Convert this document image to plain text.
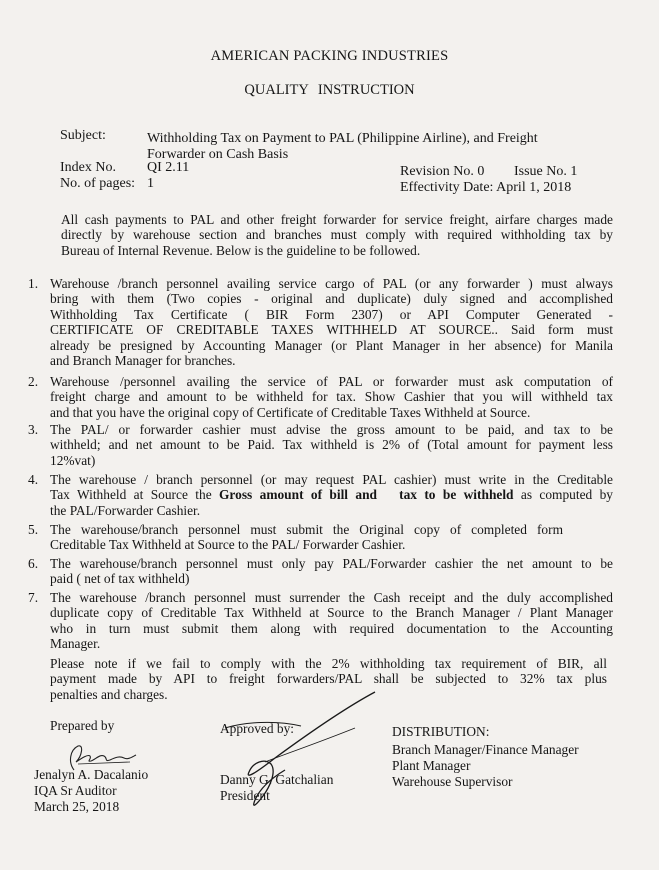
AMERICAN PACKING INDUSTRIES
QUALITY INSTRUCTION
Subject:	Withholding Tax on Payment to PAL (Philippine Airline), and Freight
Forwarder on Cash Basis
Index No. QI 2.11
No. of pages: 1
Revision No. 0 Issue No. 1
Effectivity Date: April 1, 2018
All cash payments to PAL and other freight forwarder for service freight, airfare charges made
directly by warehouse section and branches must comply with required withholding tax by
Bureau of Internal Revenue. Below is the guideline to be followed.
1. Warehouse /branch personnel availing service cargo of PAL (or any forwarder ) must always
bring with them (Two copies - original and duplicate) duly signed and accomplished
Withholding Tax Certificate ( BIR Form 2307) or API Computer Generated -
CERTIFICATE OF CREDITABLE TAXES WITHHELD AT SOURCE.. Said form must
already be presigned by Accounting Manager (or Plant Manager in her absence) for Manila
and Branch Manager for branches.
2. Warehouse /personnel availing the service of PAL or forwarder must ask computation of
freight charge and amount to be withheld for tax. Show Cashier that you will withheld tax
and that you have the original copy of Certificate of Creditable Taxes Withheld at Source.
3. The PAL/ or forwarder cashier must advise the gross amount to be paid, and tax to be
withheld; and net amount to be Paid. Tax withheld is 2% of (Total amount for payment less
12%vat)
4. The warehouse / branch personnel (or may request PAL cashier) must write in the Creditable
Tax Withheld at Source the Gross amount of bill and tax to be withheld as computed by
the PAL/Forwarder Cashier.
5. The warehouse/branch personnel must submit the Original copy of completed form
Creditable Tax Withheld at Source to the PAL/ Forwarder Cashier.
6. The warehouse/branch personnel must only pay PAL/Forwarder cashier the net amount to be
paid ( net of tax withheld)
7. The warehouse /branch personnel must surrender the Cash receipt and the duly accomplished
duplicate copy of Creditable Tax Withheld at Source to the Branch Manager / Plant Manager
who in turn must submit them along with required documentation to the Accounting
Manager.
Please note if we fail to comply with the 2% withholding tax requirement of BIR, all
payment made by API to freight forwarders/PAL shall be subjected to 32% tax plus
penalties and charges.
Prepared by
Jenalyn A. Dacalanio
IQA Sr Auditor
March 25, 2018
Approved by:
Danny G. Gatchalian
President
DISTRIBUTION:
Branch Manager/Finance Manager
Plant Manager
Warehouse Supervisor
